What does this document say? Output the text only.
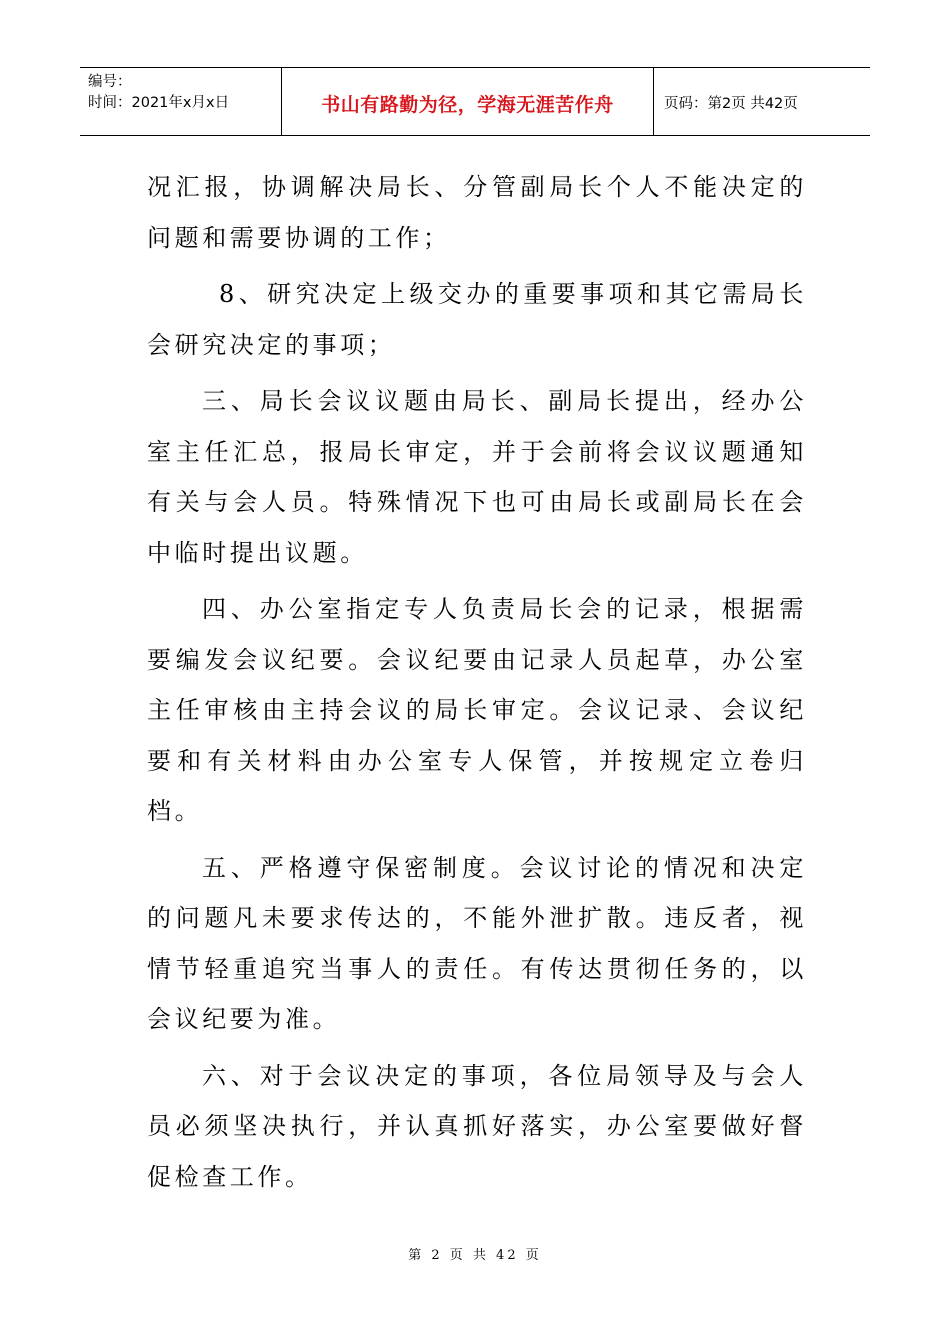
编号：
时间：2021年x月x日	书山有路勤为径，学海无涯苦作舟	页码：第2页 共42页

况汇报，协调解决局长、分管副局长个人不能决定的问题和需要协调的工作；

8、研究决定上级交办的重要事项和其它需局长会研究决定的事项；

三、局长会议议题由局长、副局长提出，经办公室主任汇总，报局长审定，并于会前将会议议题通知有关与会人员。特殊情况下也可由局长或副局长在会中临时提出议题。

四、办公室指定专人负责局长会的记录，根据需要编发会议纪要。会议纪要由记录人员起草，办公室主任审核由主持会议的局长审定。会议记录、会议纪要和有关材料由办公室专人保管，并按规定立卷归档。

五、严格遵守保密制度。会议讨论的情况和决定的问题凡未要求传达的，不能外泄扩散。违反者，视情节轻重追究当事人的责任。有传达贯彻任务的，以会议纪要为准。

六、对于会议决定的事项，各位局领导及与会人员必须坚决执行，并认真抓好落实，办公室要做好督促检查工作。

第 2 页 共 42 页
